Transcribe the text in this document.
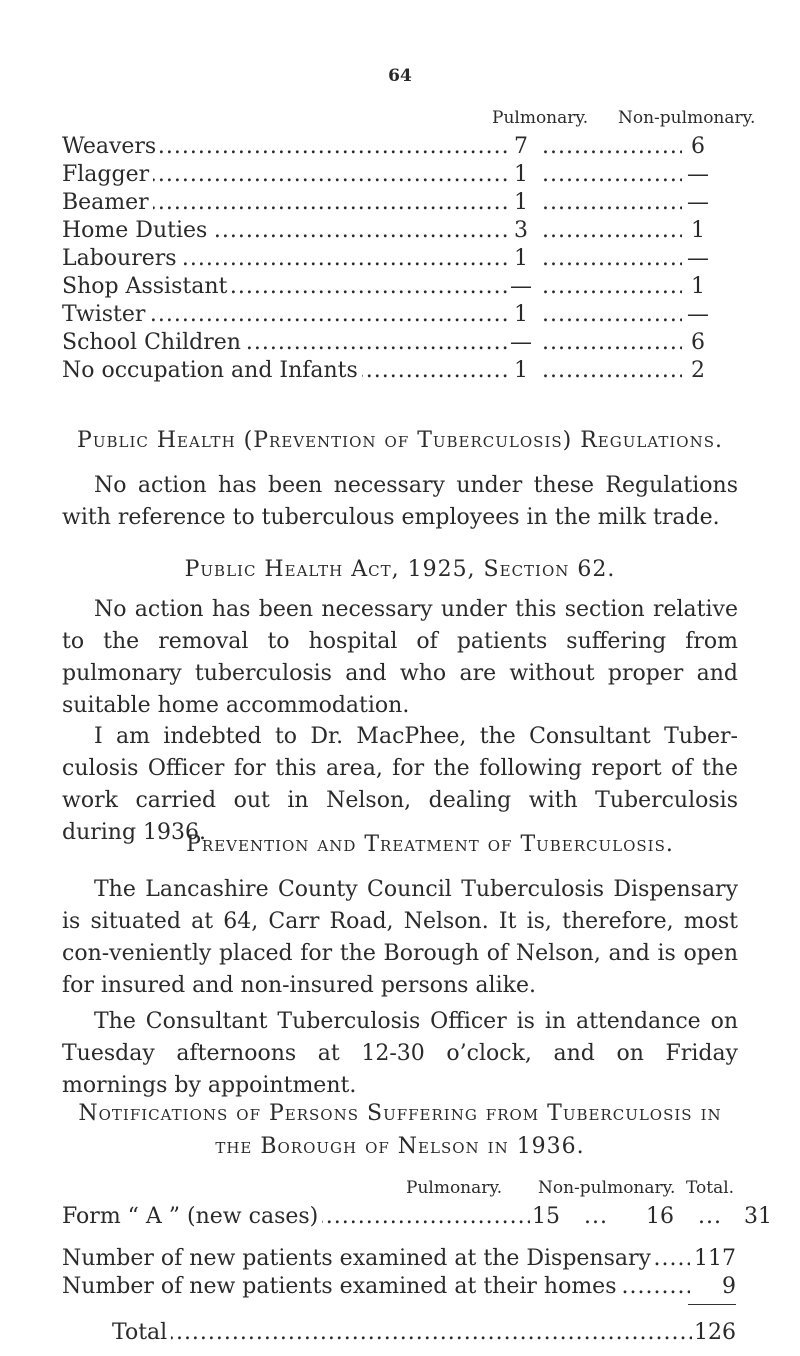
64
Pulmonary. Non-pulmonary.
.....
Weavers	7 .....	6
.....
Flagger	1 .....	—
.....
Beamer	1 .....	—
.....
Home Duties	3 .....	1
.....
Labourers	1 .....	—
.....
Shop Assistant	— .....	1
.....
Twister	1 .....	—
.....
School Children	— .....	6
.....
No occupation and Infants	1 .....	2
Public Health (Prevention of Tuberculosis) Regulations.

No action has been necessary under these Regulations with reference to tuberculous employees in the milk trade.

Public Health Act, 1925, Section 62.

No action has been necessary under this section relative to the removal to hospital of patients suffering from pulmonary tuberculosis and who are without proper and suitable home accommodation.

I am indebted to Dr. MacPhee, the Consultant Tuber-culosis Officer for this area, for the following report of the work carried out in Nelson, dealing with Tuberculosis during 1936.

Prevention and Treatment of Tuberculosis.

The Lancashire County Council Tuberculosis Dispensary is situated at 64, Carr Road, Nelson. It is, therefore, most con-veniently placed for the Borough of Nelson, and is open for insured and non-insured persons alike.

The Consultant Tuberculosis Officer is in attendance on Tuesday afternoons at 12-30 o’clock, and on Friday mornings by appointment.

Notifications of Persons Suffering from Tuberculosis in
the Borough of Nelson in 1936.
Pulmonary. Non-pulmonary. Total.
.....
Form “ A ” (new cases)	15 ... 16 ... 31
.....
Number of new patients examined at the Dispensary 117
.....
Number of new patients examined at their homes	9
.....
Total	126
